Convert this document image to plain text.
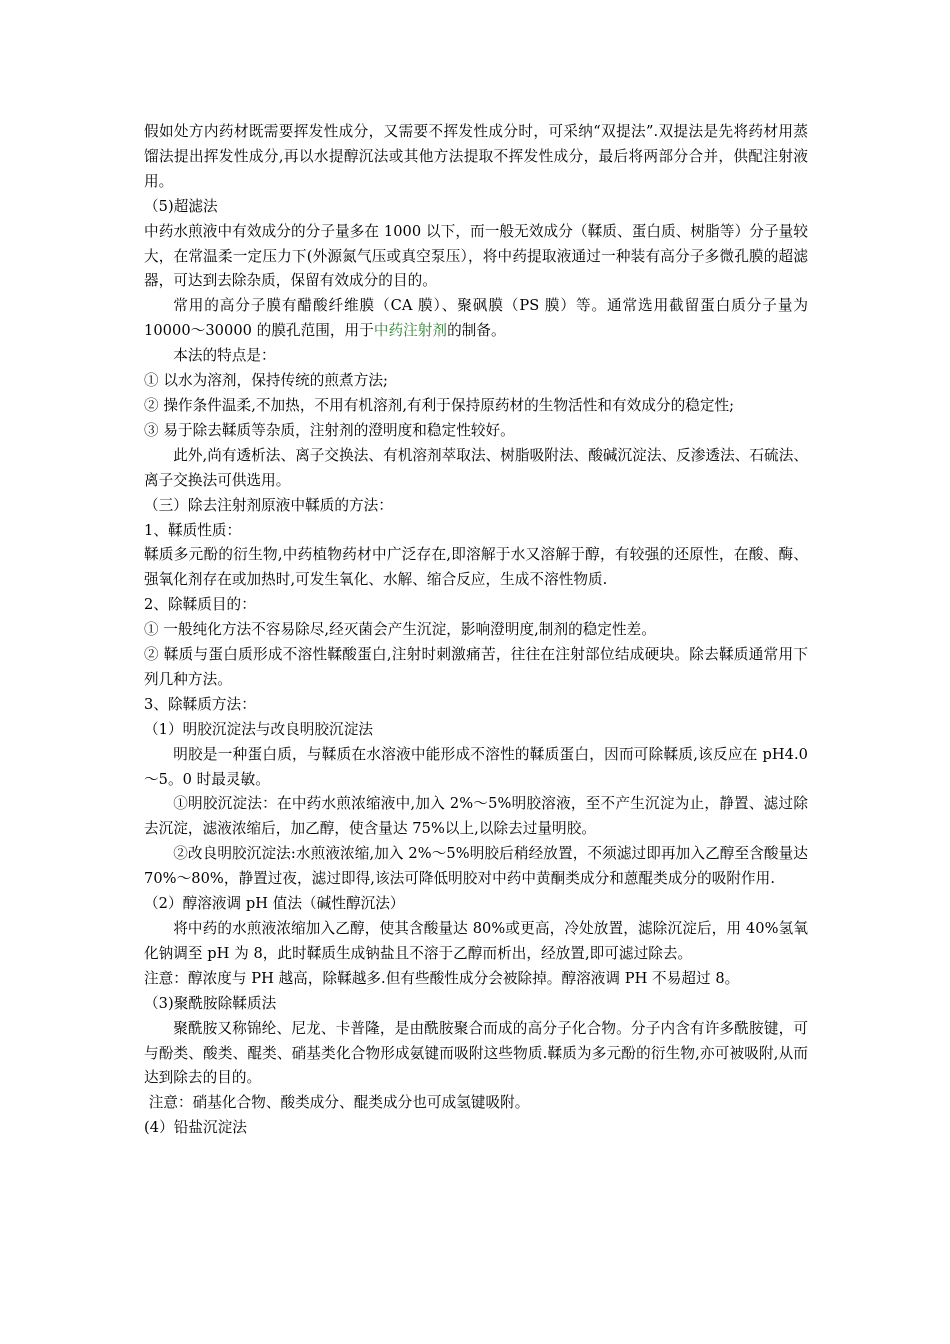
假如处方内药材既需要挥发性成分，又需要不挥发性成分时，可采纳“双提法”.双提法是先将药材用蒸馏法提出挥发性成分,再以水提醇沉法或其他方法提取不挥发性成分，最后将两部分合并，供配注射液用。

（5)超滤法

中药水煎液中有效成分的分子量多在 1000 以下，而一般无效成分（鞣质、蛋白质、树脂等）分子量较大，在常温柔一定压力下(外源氮气压或真空泵压），将中药提取液通过一种装有高分子多微孔膜的超滤器，可达到去除杂质，保留有效成分的目的。

常用的高分子膜有醋酸纤维膜（CA 膜）、聚砜膜（PS 膜）等。通常选用截留蛋白质分子量为 10000～30000 的膜孔范围，用于中药注射剂的制备。

本法的特点是：

① 以水为溶剂，保持传统的煎煮方法;

② 操作条件温柔,不加热，不用有机溶剂,有利于保持原药材的生物活性和有效成分的稳定性;

③ 易于除去鞣质等杂质，注射剂的澄明度和稳定性较好。

此外,尚有透析法、离子交换法、有机溶剂萃取法、树脂吸附法、酸碱沉淀法、反渗透法、石硫法、离子交换法可供选用。

（三）除去注射剂原液中鞣质的方法：

1、鞣质性质：

鞣质多元酚的衍生物,中药植物药材中广泛存在,即溶解于水又溶解于醇，有较强的还原性，在酸、酶、强氧化剂存在或加热时,可发生氧化、水解、缩合反应，生成不溶性物质.

2、除鞣质目的：

① 一般纯化方法不容易除尽,经灭菌会产生沉淀，影响澄明度,制剂的稳定性差。

② 鞣质与蛋白质形成不溶性鞣酸蛋白,注射时刺激痛苦，往往在注射部位结成硬块。除去鞣质通常用下列几种方法。

3、除鞣质方法：

（1）明胶沉淀法与改良明胶沉淀法

明胶是一种蛋白质，与鞣质在水溶液中能形成不溶性的鞣质蛋白，因而可除鞣质,该反应在 pH4.0～5。0 时最灵敏。

①明胶沉淀法：在中药水煎浓缩液中,加入 2%～5%明胶溶液，至不产生沉淀为止，静置、滤过除去沉淀，滤液浓缩后，加乙醇，使含量达 75%以上,以除去过量明胶。

②改良明胶沉淀法:水煎液浓缩,加入 2%～5%明胶后稍经放置，不须滤过即再加入乙醇至含酸量达 70%～80%，静置过夜，滤过即得,该法可降低明胶对中药中黄酮类成分和蒽醌类成分的吸附作用.

（2）醇溶液调 pH 值法（碱性醇沉法）

将中药的水煎液浓缩加入乙醇，使其含酸量达 80%或更高，冷处放置，滤除沉淀后，用 40%氢氧化钠调至 pH 为 8，此时鞣质生成钠盐且不溶于乙醇而析出，经放置,即可滤过除去。

注意：醇浓度与 PH 越高，除鞣越多.但有些酸性成分会被除掉。醇溶液调 PH 不易超过 8。

（3)聚酰胺除鞣质法

聚酰胺又称锦纶、尼龙、卡普隆，是由酰胺聚合而成的高分子化合物。分子内含有许多酰胺键，可与酚类、酸类、醌类、硝基类化合物形成氨键而吸附这些物质.鞣质为多元酚的衍生物,亦可被吸附,从而达到除去的目的。

注意：硝基化合物、酸类成分、醌类成分也可成氢键吸附。

(4）铅盐沉淀法
